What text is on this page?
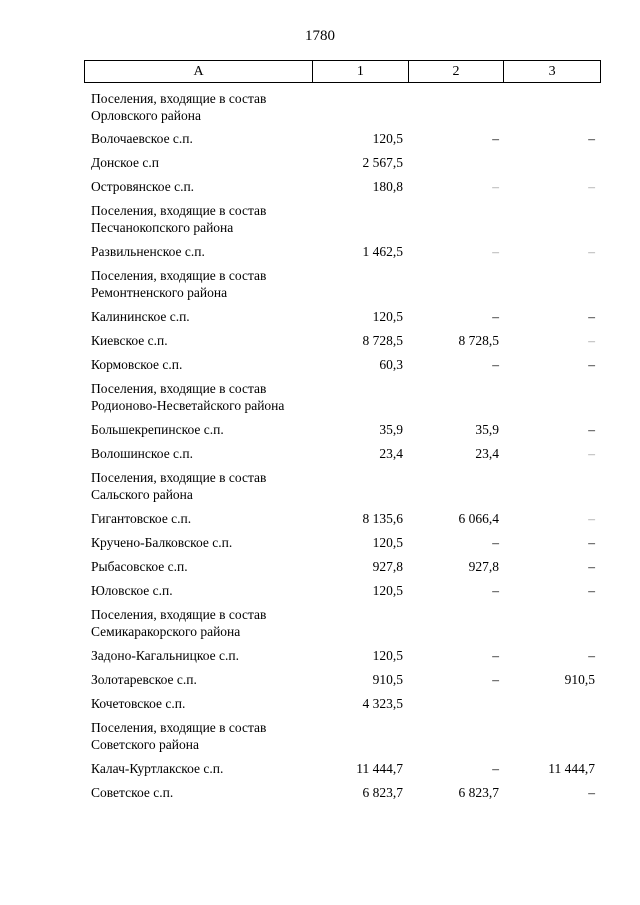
1780
А	1	2	3
Поселения, входящие в состав Орловского района
Волочаевское с.п.	120,5	–	–
Донское с.п	2 567,5
Островянское с.п.	180,8	–	–
Поселения, входящие в состав Песчанокопского района
Развильненское с.п.	1 462,5	–	–
Поселения, входящие в состав Ремонтненского района
Калининское с.п.	120,5	–	–
Киевское с.п.	8 728,5	8 728,5	–
Кормовское с.п.	60,3	–	–
Поселения, входящие в состав Родионово-Несветайского района
Большекрепинское с.п.	35,9	35,9	–
Волошинское с.п.	23,4	23,4	–
Поселения, входящие в состав Сальского района
Гигантовское с.п.	8 135,6	6 066,4	–
Кручено-Балковское с.п.	120,5	–	–
Рыбасовское с.п.	927,8	927,8	–
Юловское с.п.	120,5	–	–
Поселения, входящие в состав Семикаракорского района
Задоно-Кагальницкое с.п.	120,5	–	–
Золотаревское с.п.	910,5	–	910,5
Кочетовское с.п.	4 323,5
Поселения, входящие в состав Советского района
Калач-Куртлакское с.п.	11 444,7	–	11 444,7
Советское с.п.	6 823,7	6 823,7	–
